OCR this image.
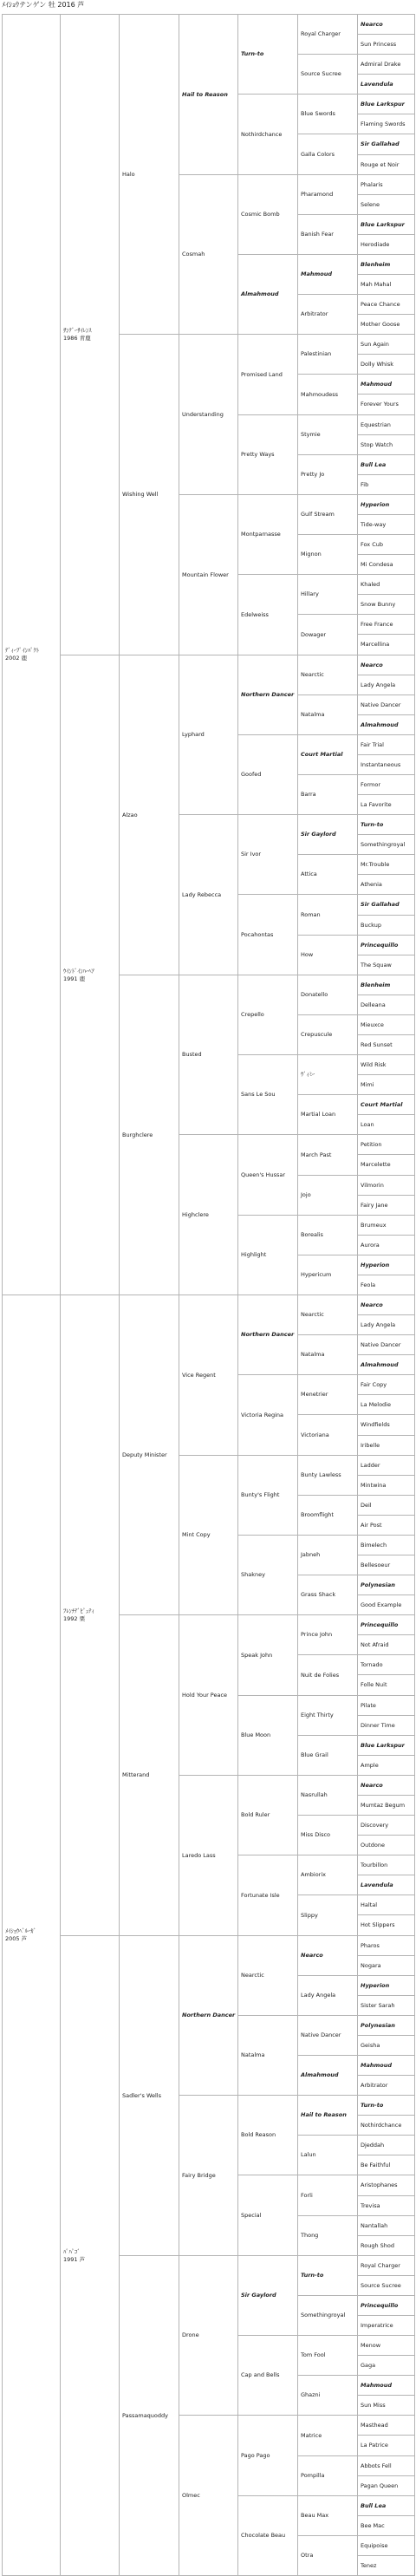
ﾒｲｼｮｳテンゲン 牡 2016 芦
ﾃﾞｨｰﾌﾟｲﾝﾊﾟｸﾄ
2002 鹿
ｻﾝﾃﾞｰｻｲﾚﾝｽ
1986 青鹿
Halo
Hail to Reason
Turn-to
Royal Charger
Nearco
Sun Princess
Source Sucree
Admiral Drake
Lavendula
Nothirdchance
Blue Swords
Blue Larkspur
Flaming Swords
Galla Colors
Sir Gallahad
Rouge et Noir
Cosmah
Cosmic Bomb
Pharamond
Phalaris
Selene
Banish Fear
Blue Larkspur
Herodiade
Almahmoud
Mahmoud
Blenheim
Mah Mahal
Arbitrator
Peace Chance
Mother Goose
Wishing Well
Understanding
Promised Land
Palestinian
Sun Again
Dolly Whisk
Mahmoudess
Mahmoud
Forever Yours
Pretty Ways
Stymie
Equestrian
Stop Watch
Pretty Jo
Bull Lea
Fib
Mountain Flower
Montparnasse
Gulf Stream
Hyperion
Tide-way
Mignon
Fox Cub
Mi Condesa
Edelweiss
Hillary
Khaled
Snow Bunny
Dowager
Free France
Marcellina
ｳｲﾝﾄﾞｲﾝﾊｰﾍｱ
1991 鹿
Alzao
Lyphard
Northern Dancer
Nearctic
Nearco
Lady Angela
Natalma
Native Dancer
Almahmoud
Goofed
Court Martial
Fair Trial
Instantaneous
Barra
Formor
La Favorite
Lady Rebecca
Sir Ivor
Sir Gaylord
Turn-to
Somethingroyal
Attica
Mr.Trouble
Athenia
Pocahontas
Roman
Sir Gallahad
Buckup
How
Princequillo
The Squaw
Burghclere
Busted
Crepello
Donatello
Blenheim
Delleana
Crepuscule
Mieuxce
Red Sunset
Sans Le Sou
ｳﾞｨﾐｰ
Wild Risk
Mimi
Martial Loan
Court Martial
Loan
Highclere
Queen's Hussar
March Past
Petition
Marcelette
Jojo
Vilmorin
Fairy Jane
Highlight
Borealis
Brumeux
Aurora
Hypericum
Hyperion
Feola
ﾒｲｼｮｳﾍﾞﾙｰｶﾞ
2005 芦
ﾌﾚﾝﾁﾃﾞﾋﾟｭﾃｨ
1992 栗
Deputy Minister
Vice Regent
Northern Dancer
Nearctic
Nearco
Lady Angela
Natalma
Native Dancer
Almahmoud
Victoria Regina
Menetrier
Fair Copy
La Melodie
Victoriana
Windfields
Iribelle
Mint Copy
Bunty's Flight
Bunty Lawless
Ladder
Mintwina
Broomflight
Deil
Air Post
Shakney
Jabneh
Bimelech
Bellesoeur
Grass Shack
Polynesian
Good Example
Mitterand
Hold Your Peace
Speak John
Prince John
Princequillo
Not Afraid
Nuit de Folies
Tornado
Folle Nuit
Blue Moon
Eight Thirty
Pilate
Dinner Time
Blue Grail
Blue Larkspur
Ample
Laredo Lass
Bold Ruler
Nasrullah
Nearco
Mumtaz Begum
Miss Disco
Discovery
Outdone
Fortunate Isle
Ambiorix
Tourbillon
Lavendula
Slippy
Haltal
Hot Slippers
ﾊﾟﾊﾟｺﾞ
1991 芦
Sadler's Wells
Northern Dancer
Nearctic
Nearco
Pharos
Nogara
Lady Angela
Hyperion
Sister Sarah
Natalma
Native Dancer
Polynesian
Geisha
Almahmoud
Mahmoud
Arbitrator
Fairy Bridge
Bold Reason
Hail to Reason
Turn-to
Nothirdchance
Lalun
Djeddah
Be Faithful
Special
Forli
Aristophanes
Trevisa
Thong
Nantallah
Rough Shod
Passamaquoddy
Drone
Sir Gaylord
Turn-to
Royal Charger
Source Sucree
Somethingroyal
Princequillo
Imperatrice
Cap and Bells
Tom Fool
Menow
Gaga
Ghazni
Mahmoud
Sun Miss
Olmec
Pago Pago
Matrice
Masthead
La Patrice
Pompilla
Abbots Fell
Pagan Queen
Chocolate Beau
Beau Max
Bull Lea
Bee Mac
Otra
Equipoise
Tenez
